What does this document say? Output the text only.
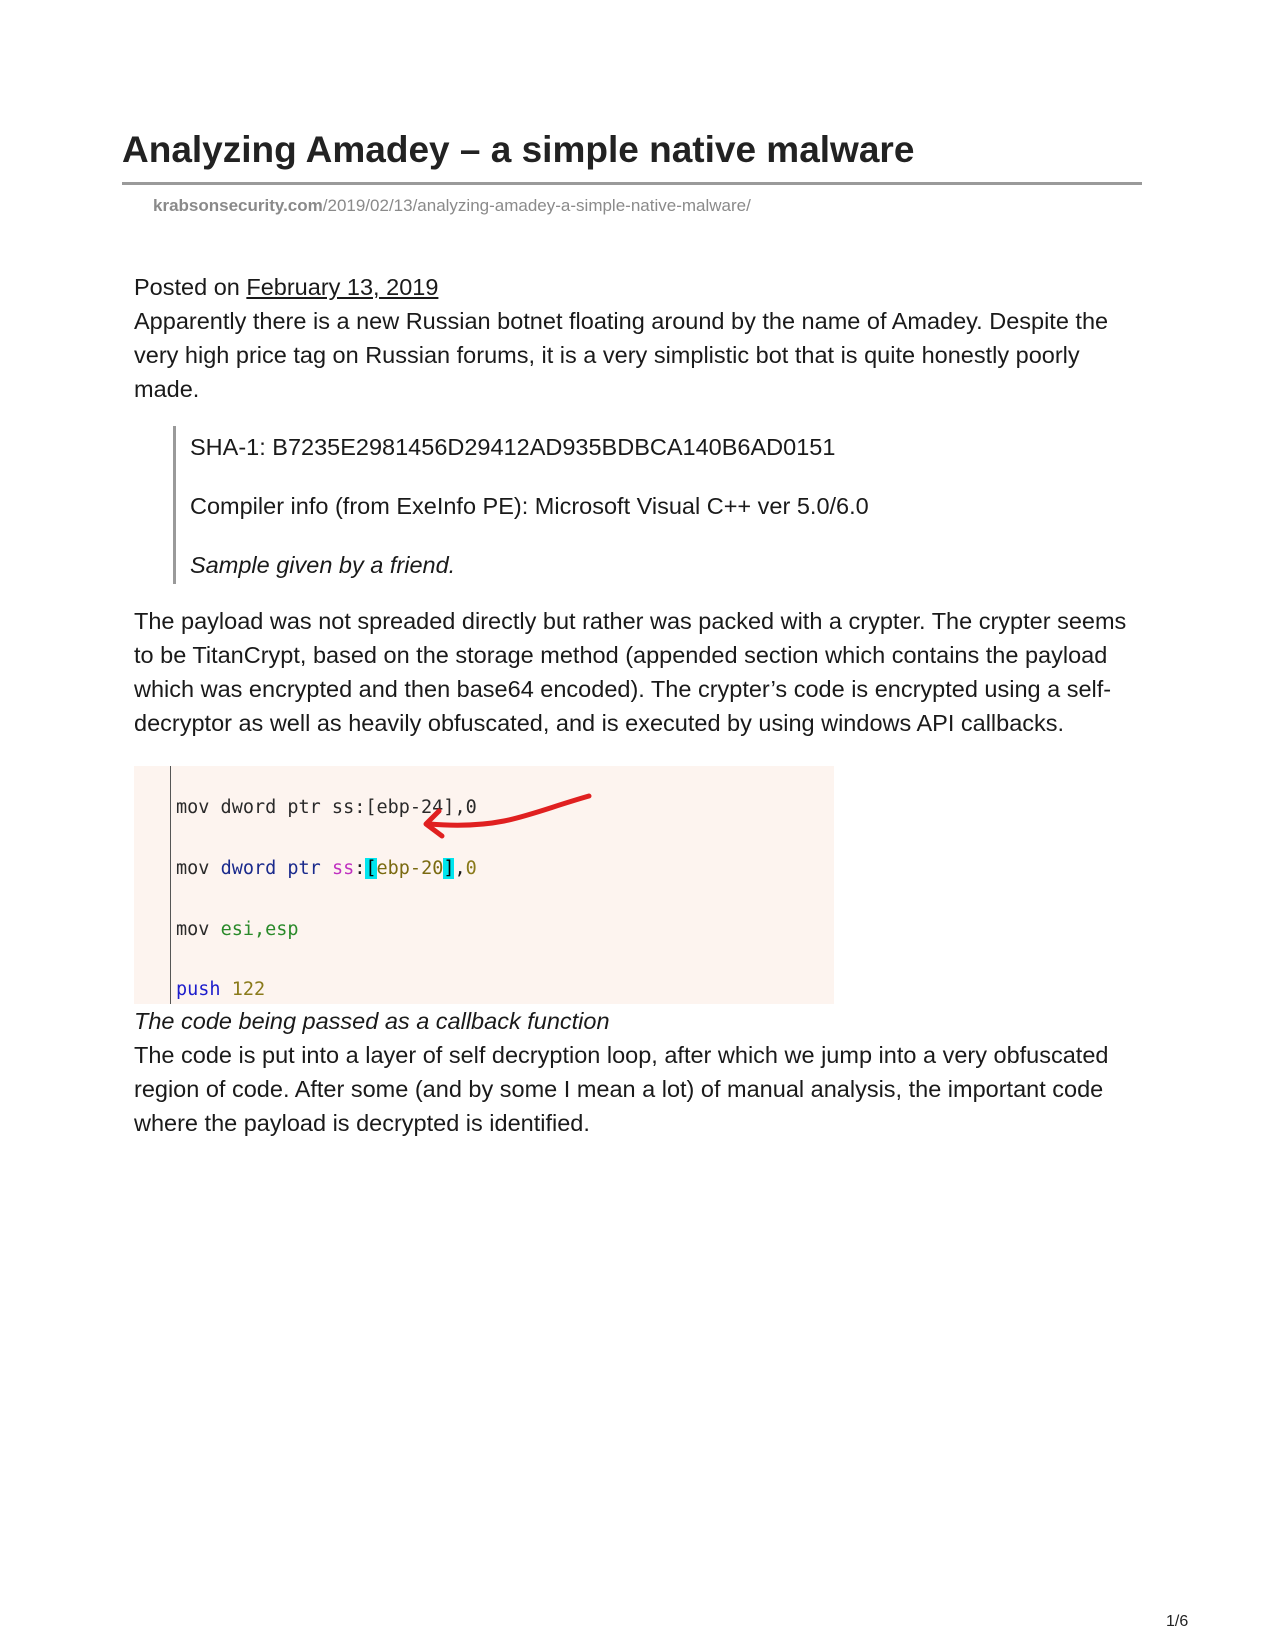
Analyzing Amadey – a simple native malware
krabsonsecurity.com/2019/02/13/analyzing-amadey-a-simple-native-malware/

Posted on February 13, 2019

Apparently there is a new Russian botnet floating around by the name of Amadey. Despite the very high price tag on Russian forums, it is a very simplistic bot that is quite honestly poorly made.

SHA-1: B7235E2981456D29412AD935BDBCA140B6AD0151

Compiler info (from ExeInfo PE): Microsoft Visual C++ ver 5.0/6.0

Sample given by a friend.

The payload was not spreaded directly but rather was packed with a crypter. The crypter seems to be TitanCrypt, based on the storage method (appended section which contains the payload which was encrypted and then base64 encoded). The crypter’s code is encrypted using a self-decryptor as well as heavily obfuscated, and is executed by using windows API callbacks.

mov dword ptr ss:[ebp-24],0

mov dword ptr ss:[ebp-20],0

mov esi,esp

push 122

The code being passed as a callback function

The code is put into a layer of self decryption loop, after which we jump into a very obfuscated region of code. After some (and by some I mean a lot) of manual analysis, the important code where the payload is decrypted is identified.

1/6
